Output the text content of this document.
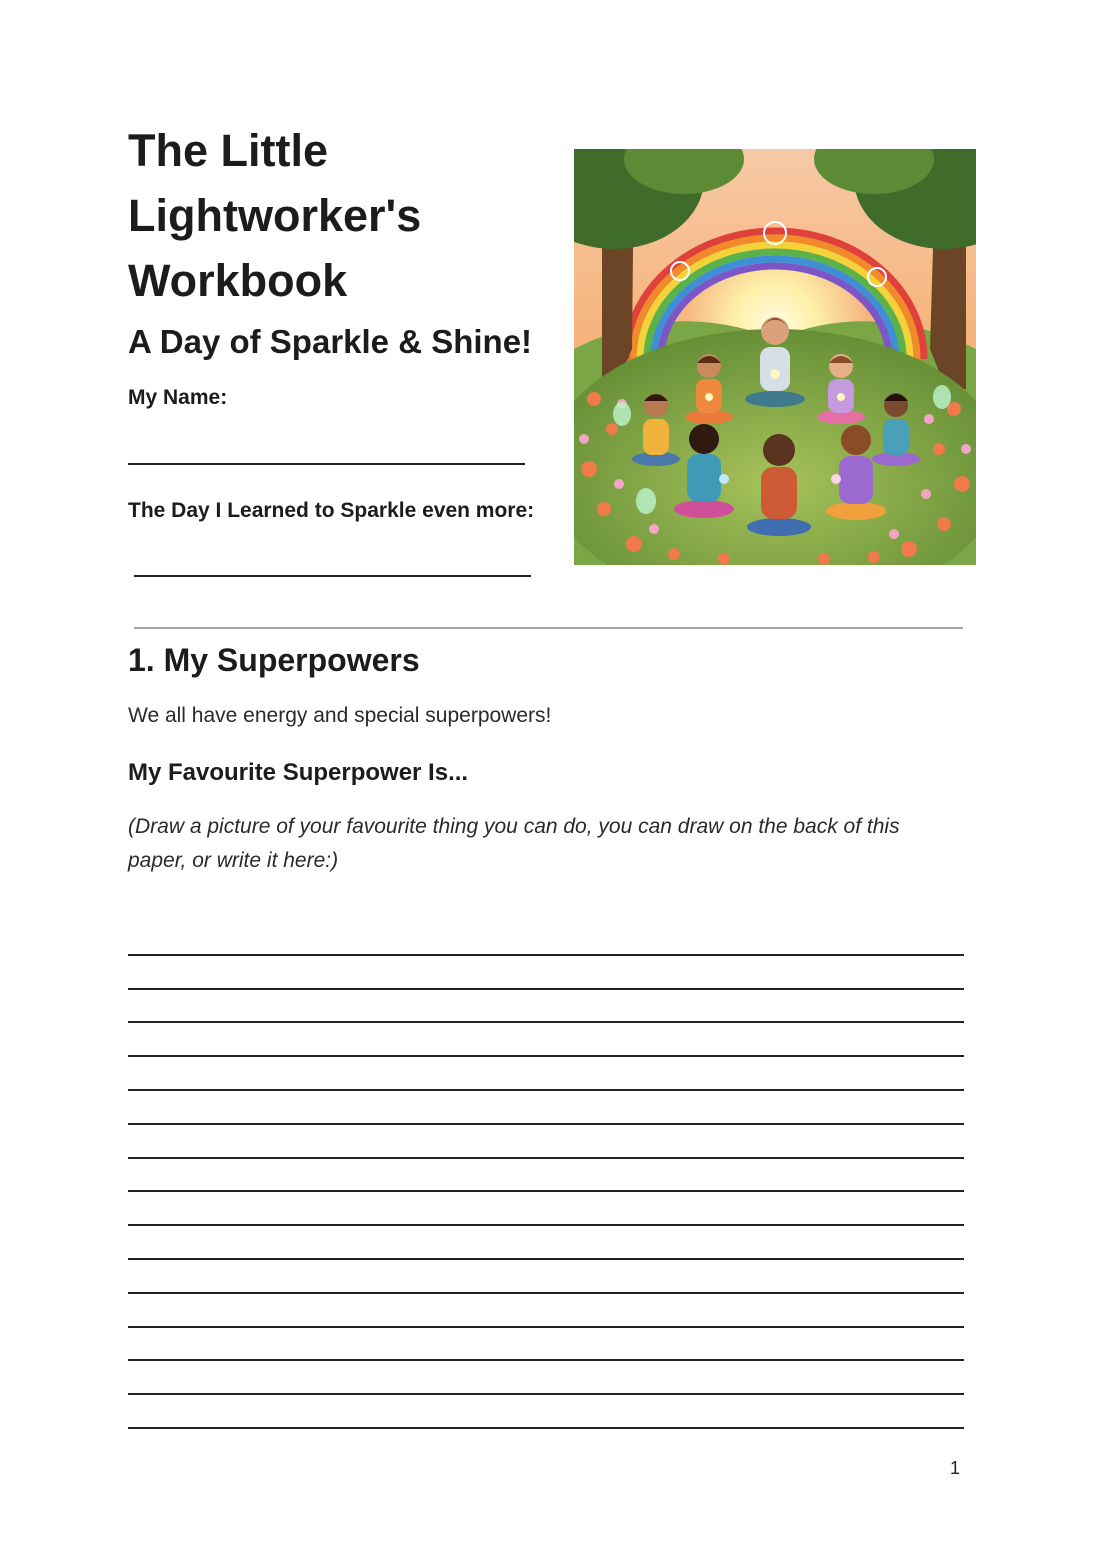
The Little
Lightworker's
Workbook
A Day of Sparkle & Shine!

My Name:

The Day I Learned to Sparkle even more:

1. My Superpowers

We all have energy and special superpowers!

My Favourite Superpower Is...

(Draw a picture of your favourite thing you can do, you can draw on the back of this paper, or write it here:)

1
